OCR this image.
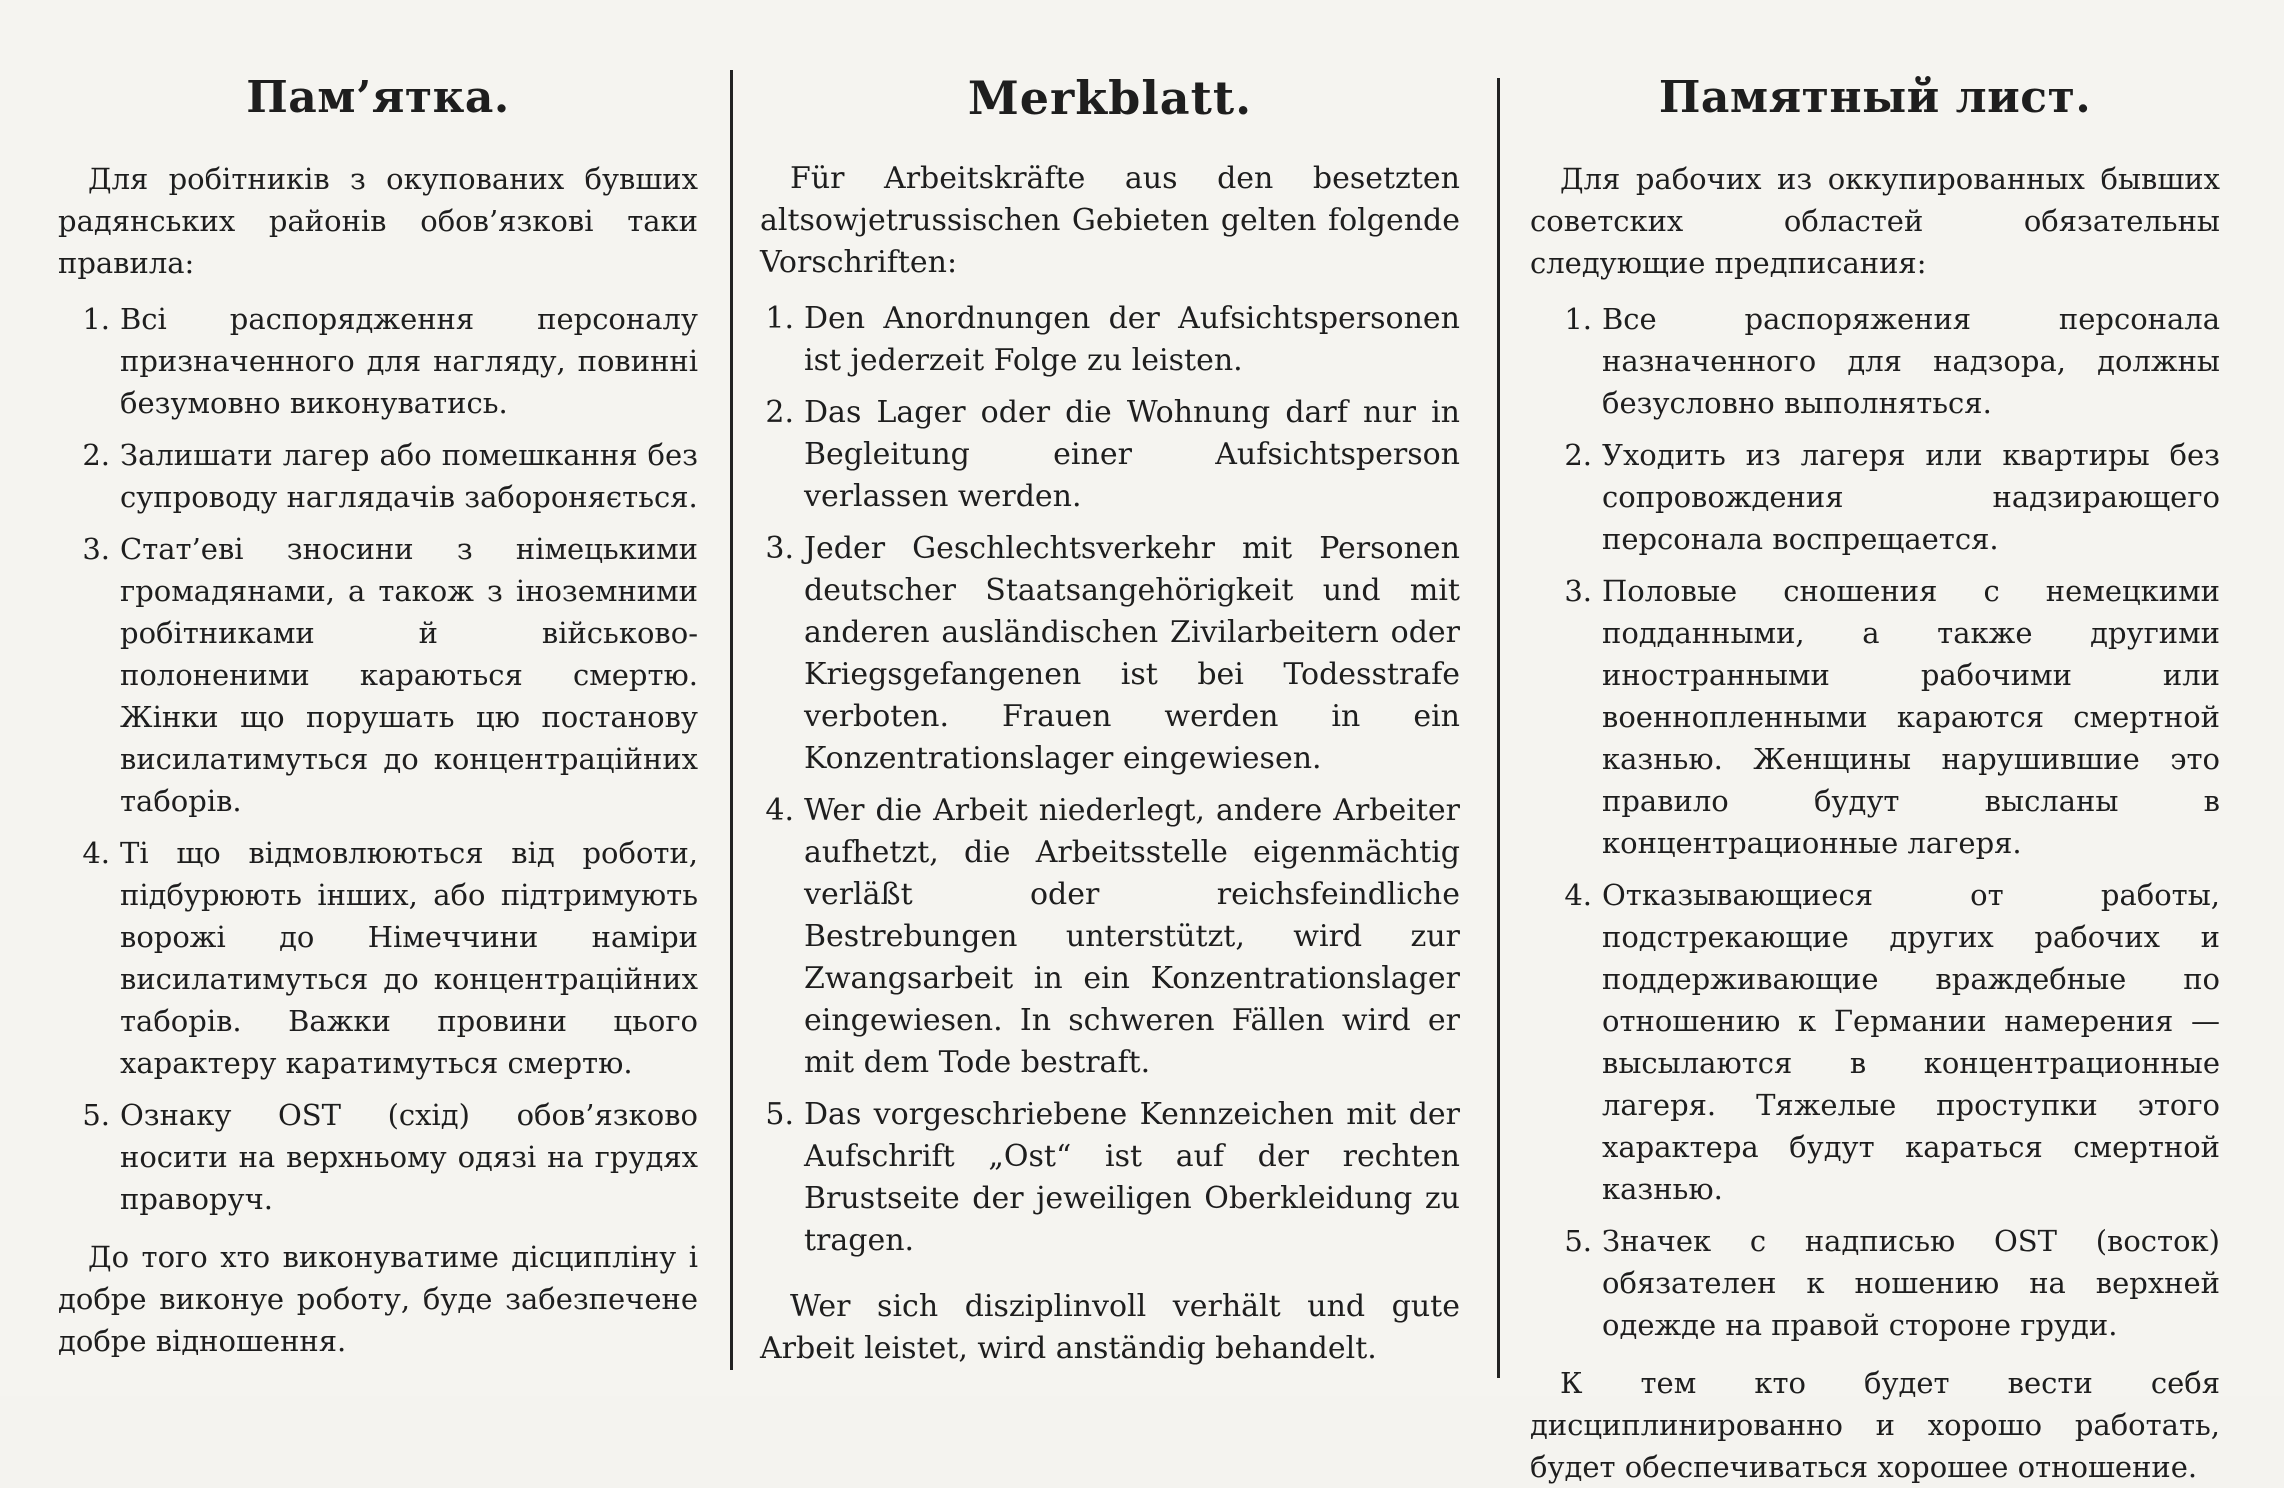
Пам’ятка.

Для робітників з окупованих бувших радянських районів обов’язкові таки правила:

1. Всі распорядження персоналу призначенного для нагляду, повинні безумовно виконуватись.
2. Залишати лагер або помешкання без супроводу наглядачів забороняється.
3. Стат’еві зносини з німецькими громадянами, а також з іноземними робітниками й військово-полоненими караються смертю. Жінки що порушать цю постанову висилатимуться до концентраційних таборів.
4. Ті що відмовлюються від роботи, підбурюють інших, або підтримують ворожі до Німеччини наміри висилатимуться до концентраційних таборів. Важки провини цього характеру каратимуться смертю.
5. Ознаку OST (схід) обов’язково носити на верхньому одязі на грудях праворуч.

До того хто виконуватиме дісципліну і добре виконуе роботу, буде забезпечене добре відношення.

Merkblatt.

Für Arbeitskräfte aus den besetzten altsowjetrussischen Gebieten gelten folgende Vorschriften:

1. Den Anordnungen der Aufsichtspersonen ist jederzeit Folge zu leisten.
2. Das Lager oder die Wohnung darf nur in Begleitung einer Aufsichtsperson verlassen werden.
3. Jeder Geschlechtsverkehr mit Personen deutscher Staatsangehörigkeit und mit anderen ausländischen Zivilarbeitern oder Kriegsgefangenen ist bei Todesstrafe verboten. Frauen werden in ein Konzentrationslager eingewiesen.
4. Wer die Arbeit niederlegt, andere Arbeiter aufhetzt, die Arbeitsstelle eigenmächtig verläßt oder reichsfeindliche Bestrebungen unterstützt, wird zur Zwangsarbeit in ein Konzentrationslager eingewiesen. In schweren Fällen wird er mit dem Tode bestraft.
5. Das vorgeschriebene Kennzeichen mit der Aufschrift „Ost“ ist auf der rechten Brustseite der jeweiligen Oberkleidung zu tragen.

Wer sich disziplinvoll verhält und gute Arbeit leistet, wird anständig behandelt.

Памятный лист.

Для рабочих из оккупированных бывших советских областей обязательны следующие предписания:

1. Все распоряжения персонала назначенного для надзора, должны безусловно выполняться.
2. Уходить из лагеря или квартиры без сопровождения надзирающего персонала воспрещается.
3. Половые сношения с немецкими подданными, а также другими иностранными рабочими или военнопленными караются смертной казнью. Женщины нарушившие это правило будут высланы в концентрационные лагеря.
4. Отказывающиеся от работы, подстрекающие других рабочих и поддерживающие враждебные по отношению к Германии намерения — высылаются в концентрационные лагеря. Тяжелые проступки этого характера будут караться смертной казнью.
5. Значек с надписью OST (восток) обязателен к ношению на верхней одежде на правой стороне груди.

К тем кто будет вести себя дисциплинированно и хорошо работать, будет обеспечиваться хорошее отношение.
